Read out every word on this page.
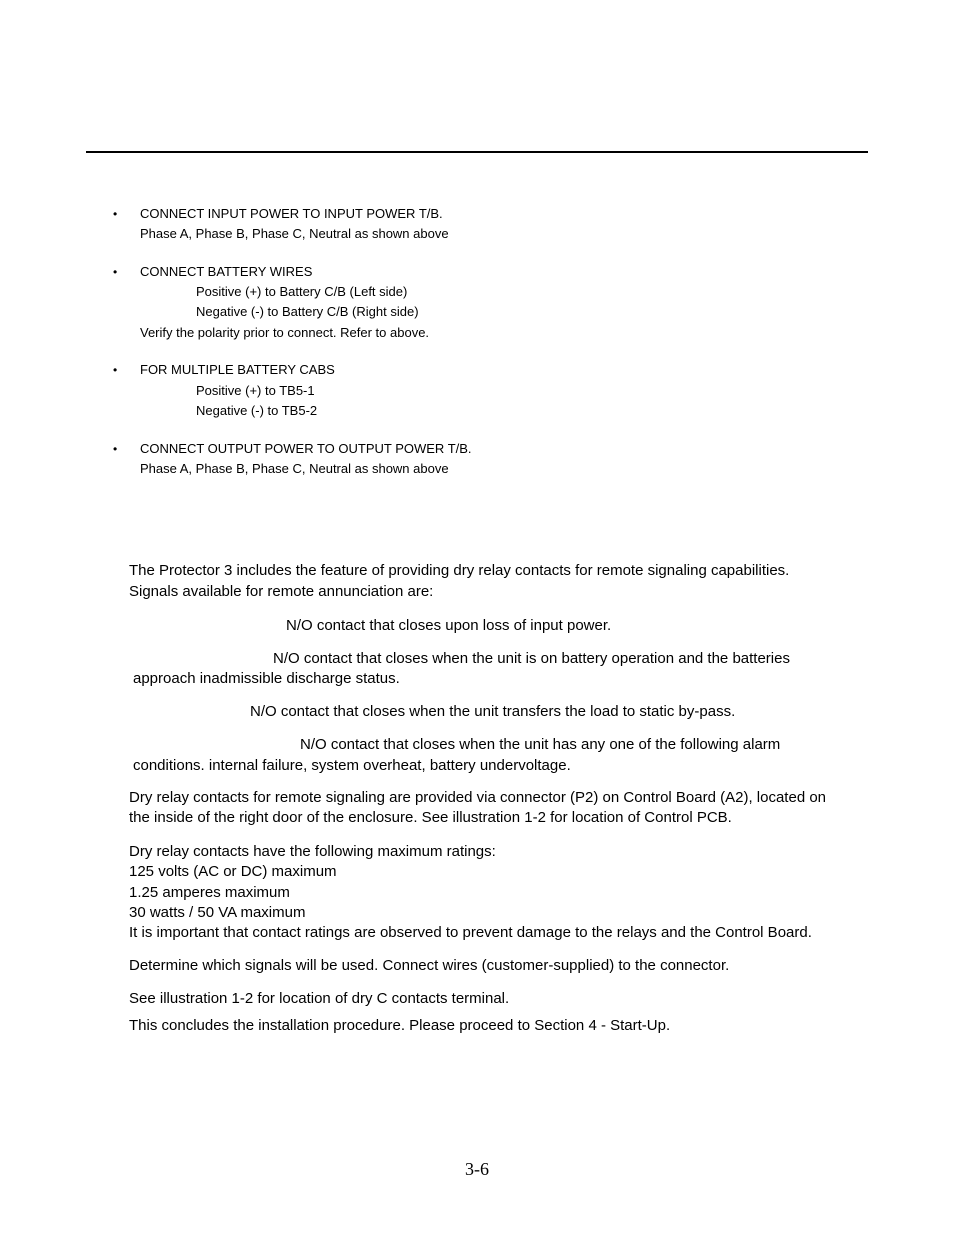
• CONNECT INPUT POWER TO INPUT POWER T/B.
Phase A, Phase B, Phase C, Neutral as shown above
• CONNECT BATTERY WIRES
Positive (+) to Battery C/B (Left side)
Negative (-) to Battery C/B (Right side)
Verify the polarity prior to connect. Refer to above.
• FOR MULTIPLE BATTERY CABS
Positive (+) to TB5-1
Negative (-) to TB5-2
• CONNECT OUTPUT POWER TO OUTPUT POWER T/B.
Phase A, Phase B, Phase C, Neutral as shown above
The Protector 3 includes the feature of providing dry relay contacts for remote signaling capabilities.
Signals available for remote annunciation are:
N/O contact that closes upon loss of input power.
N/O contact that closes when the unit is on battery operation and the batteries
approach inadmissible discharge status.
N/O contact that closes when the unit transfers the load to static by-pass.
N/O contact that closes when the unit has any one of the following alarm
conditions. internal failure, system overheat, battery undervoltage.
Dry relay contacts for remote signaling are provided via connector (P2) on Control Board (A2), located on
the inside of the right door of the enclosure. See illustration 1-2 for location of Control PCB.
Dry relay contacts have the following maximum ratings:
125 volts (AC or DC) maximum
1.25 amperes maximum
30 watts / 50 VA maximum
It is important that contact ratings are observed to prevent damage to the relays and the Control Board.
Determine which signals will be used. Connect wires (customer-supplied) to the connector.
See illustration 1-2 for location of dry C contacts terminal.
This concludes the installation procedure. Please proceed to Section 4 - Start-Up.
3-6
